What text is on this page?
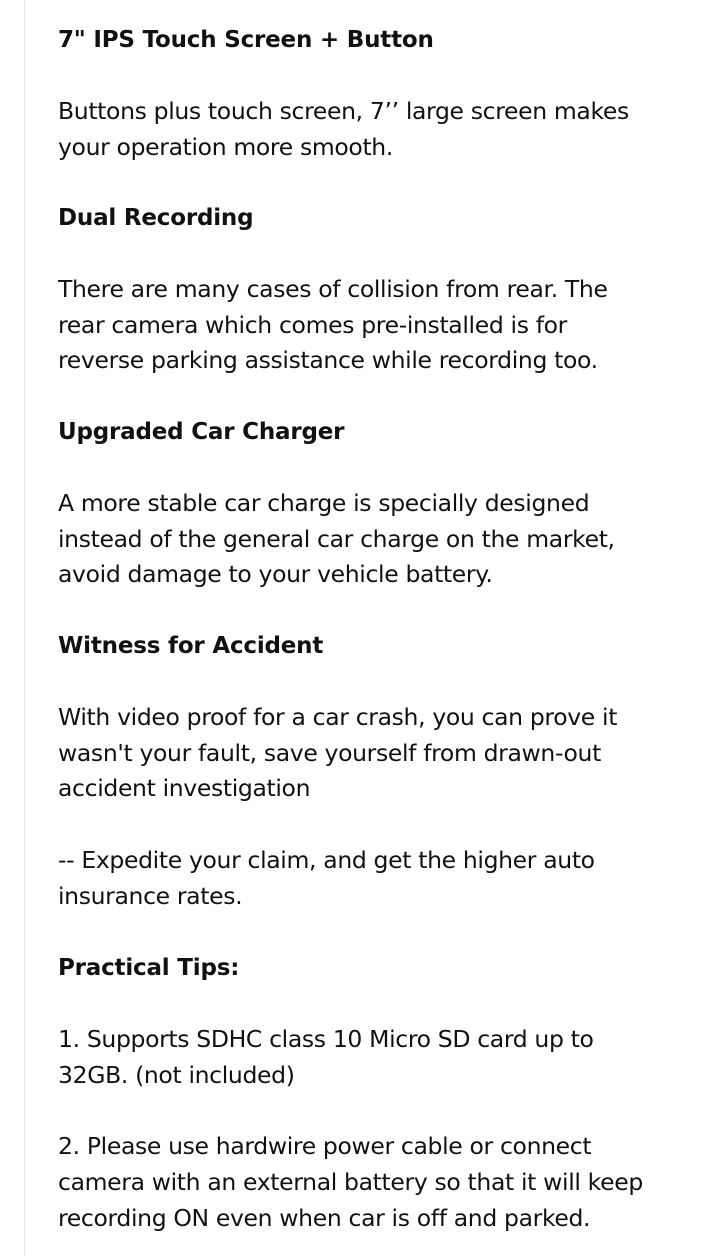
7" IPS Touch Screen + Button

Buttons plus touch screen, 7’’ large screen makes your operation more smooth.

Dual Recording

There are many cases of collision from rear. The rear camera which comes pre-installed is for reverse parking assistance while recording too.

Upgraded Car Charger

A more stable car charge is specially designed instead of the general car charge on the market, avoid damage to your vehicle battery.

Witness for Accident

With video proof for a car crash, you can prove it wasn't your fault, save yourself from drawn-out accident investigation

-- Expedite your claim, and get the higher auto insurance rates.

Practical Tips:

1. Supports SDHC class 10 Micro SD card up to 32GB. (not included)

2. Please use hardwire power cable or connect camera with an external battery so that it will keep recording ON even when car is off and parked.
